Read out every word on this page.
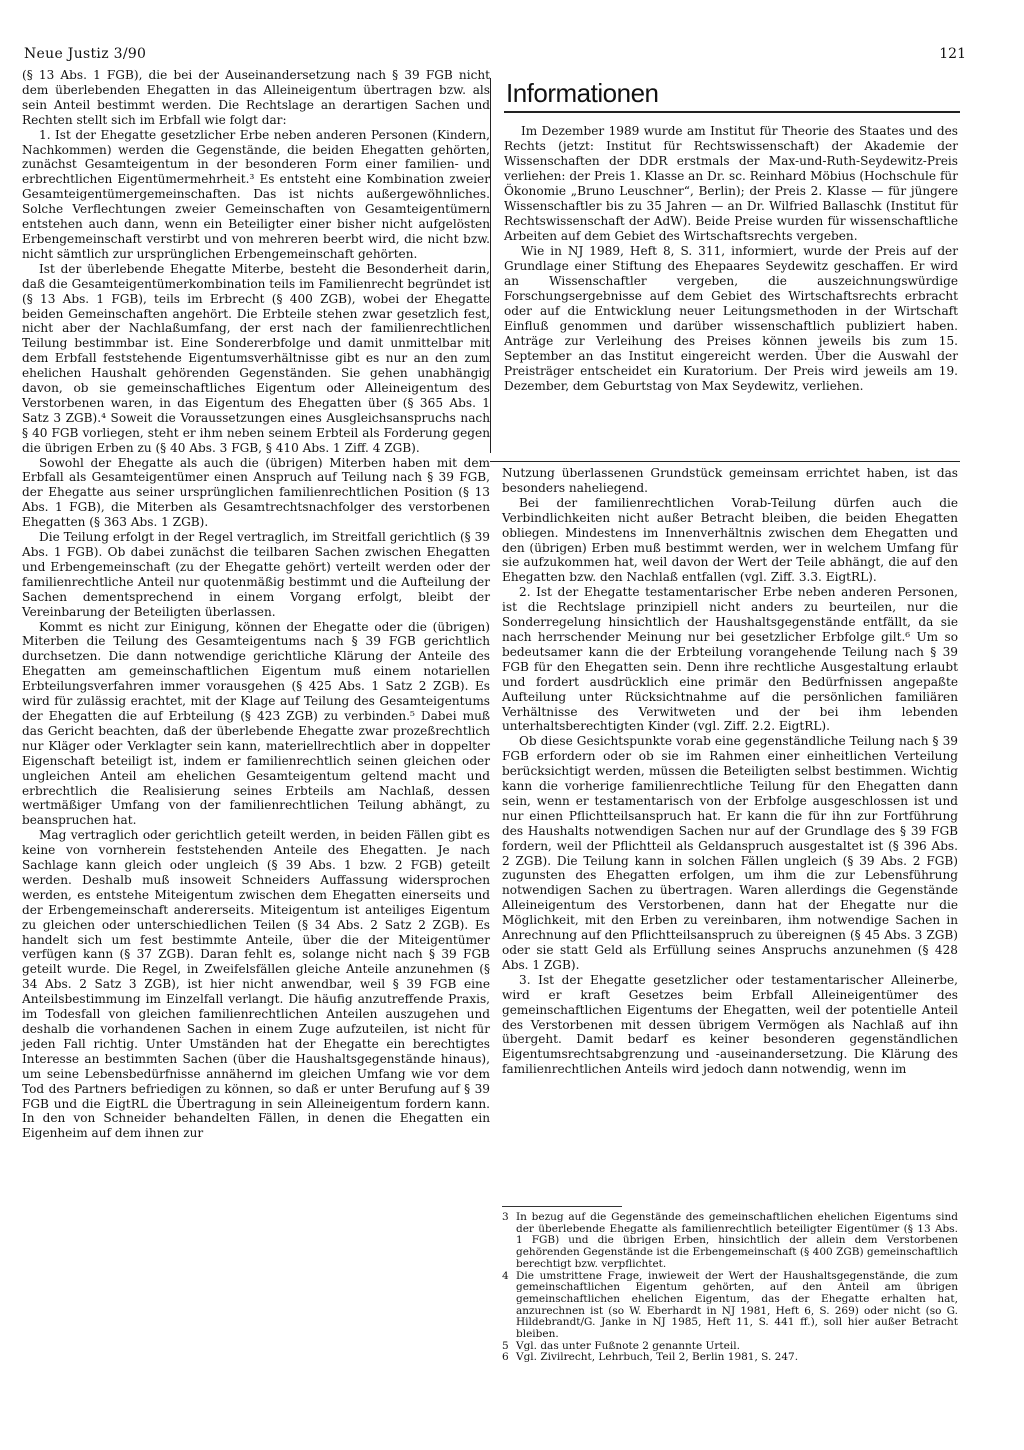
Neue Justiz 3/90	121

(§ 13 Abs. 1 FGB), die bei der Auseinandersetzung nach § 39 FGB nicht dem überlebenden Ehegatten in das Alleineigentum übertragen bzw. als sein Anteil bestimmt werden. Die Rechtslage an derartigen Sachen und Rechten stellt sich im Erbfall wie folgt dar:

1. Ist der Ehegatte gesetzlicher Erbe neben anderen Personen (Kindern, Nachkommen) werden die Gegenstände, die beiden Ehegatten gehörten, zunächst Gesamteigentum in der besonderen Form einer familien- und erbrechtlichen Eigentümermehrheit.³ Es entsteht eine Kombination zweier Gesamteigentümergemeinschaften. Das ist nichts außergewöhnliches. Solche Verflechtungen zweier Gemeinschaften von Gesamteigentümern entstehen auch dann, wenn ein Beteiligter einer bisher nicht aufgelösten Erbengemeinschaft verstirbt und von mehreren beerbt wird, die nicht bzw. nicht sämtlich zur ursprünglichen Erbengemeinschaft gehörten.

Ist der überlebende Ehegatte Miterbe, besteht die Besonderheit darin, daß die Gesamteigentümerkombination teils im Familienrecht begründet ist (§ 13 Abs. 1 FGB), teils im Erbrecht (§ 400 ZGB), wobei der Ehegatte beiden Gemeinschaften angehört. Die Erbteile stehen zwar gesetzlich fest, nicht aber der Nachlaßumfang, der erst nach der familienrechtlichen Teilung bestimmbar ist. Eine Sondererbfolge und damit unmittelbar mit dem Erbfall feststehende Eigentumsverhältnisse gibt es nur an den zum ehelichen Haushalt gehörenden Gegenständen. Sie gehen unabhängig davon, ob sie gemeinschaftliches Eigentum oder Alleineigentum des Verstorbenen waren, in das Eigentum des Ehegatten über (§ 365 Abs. 1 Satz 3 ZGB).⁴ Soweit die Voraussetzungen eines Ausgleichsanspruchs nach § 40 FGB vorliegen, steht er ihm neben seinem Erbteil als Forderung gegen die übrigen Erben zu (§ 40 Abs. 3 FGB, § 410 Abs. 1 Ziff. 4 ZGB).

Sowohl der Ehegatte als auch die (übrigen) Miterben haben mit dem Erbfall als Gesamteigentümer einen Anspruch auf Teilung nach § 39 FGB, der Ehegatte aus seiner ursprünglichen familienrechtlichen Position (§ 13 Abs. 1 FGB), die Miterben als Gesamtrechtsnachfolger des verstorbenen Ehegatten (§ 363 Abs. 1 ZGB).

Die Teilung erfolgt in der Regel vertraglich, im Streitfall gerichtlich (§ 39 Abs. 1 FGB). Ob dabei zunächst die teilbaren Sachen zwischen Ehegatten und Erbengemeinschaft (zu der Ehegatte gehört) verteilt werden oder der familienrechtliche Anteil nur quotenmäßig bestimmt und die Aufteilung der Sachen dementsprechend in einem Vorgang erfolgt, bleibt der Vereinbarung der Beteiligten überlassen.

Kommt es nicht zur Einigung, können der Ehegatte oder die (übrigen) Miterben die Teilung des Gesamteigentums nach § 39 FGB gerichtlich durchsetzen. Die dann notwendige gerichtliche Klärung der Anteile des Ehegatten am gemeinschaftlichen Eigentum muß einem notariellen Erbteilungsverfahren immer vorausgehen (§ 425 Abs. 1 Satz 2 ZGB). Es wird für zulässig erachtet, mit der Klage auf Teilung des Gesamteigentums der Ehegatten die auf Erbteilung (§ 423 ZGB) zu verbinden.⁵ Dabei muß das Gericht beachten, daß der überlebende Ehegatte zwar prozeßrechtlich nur Kläger oder Verklagter sein kann, materiellrechtlich aber in doppelter Eigenschaft beteiligt ist, indem er familienrechtlich seinen gleichen oder ungleichen Anteil am ehelichen Gesamteigentum geltend macht und erbrechtlich die Realisierung seines Erbteils am Nachlaß, dessen wertmäßiger Umfang von der familienrechtlichen Teilung abhängt, zu beanspruchen hat.

Mag vertraglich oder gerichtlich geteilt werden, in beiden Fällen gibt es keine von vornherein feststehenden Anteile des Ehegatten. Je nach Sachlage kann gleich oder ungleich (§ 39 Abs. 1 bzw. 2 FGB) geteilt werden. Deshalb muß insoweit Schneiders Auffassung widersprochen werden, es entstehe Miteigentum zwischen dem Ehegatten einerseits und der Erbengemeinschaft andererseits. Miteigentum ist anteiliges Eigentum zu gleichen oder unterschiedlichen Teilen (§ 34 Abs. 2 Satz 2 ZGB). Es handelt sich um fest bestimmte Anteile, über die der Miteigentümer verfügen kann (§ 37 ZGB). Daran fehlt es, solange nicht nach § 39 FGB geteilt wurde. Die Regel, in Zweifelsfällen gleiche Anteile anzunehmen (§ 34 Abs. 2 Satz 3 ZGB), ist hier nicht anwendbar, weil § 39 FGB eine Anteilsbestimmung im Einzelfall verlangt. Die häufig anzutreffende Praxis, im Todesfall von gleichen familienrechtlichen Anteilen auszugehen und deshalb die vorhandenen Sachen in einem Zuge aufzuteilen, ist nicht für jeden Fall richtig. Unter Umständen hat der Ehegatte ein berechtigtes Interesse an bestimmten Sachen (über die Haushaltsgegenstände hinaus), um seine Lebensbedürfnisse annähernd im gleichen Umfang wie vor dem Tod des Partners befriedigen zu können, so daß er unter Berufung auf § 39 FGB und die EigtRL die Übertragung in sein Alleineigentum fordern kann. In den von Schneider behandelten Fällen, in denen die Ehegatten ein Eigenheim auf dem ihnen zur

Informationen

Im Dezember 1989 wurde am Institut für Theorie des Staates und des Rechts (jetzt: Institut für Rechtswissenschaft) der Akademie der Wissenschaften der DDR erstmals der Max-und-Ruth-Seydewitz-Preis verliehen: der Preis 1. Klasse an Dr. sc. Reinhard Möbius (Hochschule für Ökonomie „Bruno Leuschner“, Berlin); der Preis 2. Klasse — für jüngere Wissenschaftler bis zu 35 Jahren — an Dr. Wilfried Ballaschk (Institut für Rechtswissenschaft der AdW). Beide Preise wurden für wissenschaftliche Arbeiten auf dem Gebiet des Wirtschaftsrechts vergeben.

Wie in NJ 1989, Heft 8, S. 311, informiert, wurde der Preis auf der Grundlage einer Stiftung des Ehepaares Seydewitz geschaffen. Er wird an Wissenschaftler vergeben, die auszeichnungswürdige Forschungsergebnisse auf dem Gebiet des Wirtschaftsrechts erbracht oder auf die Entwicklung neuer Leitungsmethoden in der Wirtschaft Einfluß genommen und darüber wissenschaftlich publiziert haben. Anträge zur Verleihung des Preises können jeweils bis zum 15. September an das Institut eingereicht werden. Über die Auswahl der Preisträger entscheidet ein Kuratorium. Der Preis wird jeweils am 19. Dezember, dem Geburtstag von Max Seydewitz, verliehen.

Nutzung überlassenen Grundstück gemeinsam errichtet haben, ist das besonders naheliegend.

Bei der familienrechtlichen Vorab-Teilung dürfen auch die Verbindlichkeiten nicht außer Betracht bleiben, die beiden Ehegatten obliegen. Mindestens im Innenverhältnis zwischen dem Ehegatten und den (übrigen) Erben muß bestimmt werden, wer in welchem Umfang für sie aufzukommen hat, weil davon der Wert der Teile abhängt, die auf den Ehegatten bzw. den Nachlaß entfallen (vgl. Ziff. 3.3. EigtRL).

2. Ist der Ehegatte testamentarischer Erbe neben anderen Personen, ist die Rechtslage prinzipiell nicht anders zu beurteilen, nur die Sonderregelung hinsichtlich der Haushaltsgegenstände entfällt, da sie nach herrschender Meinung nur bei gesetzlicher Erbfolge gilt.⁶ Um so bedeutsamer kann die der Erbteilung vorangehende Teilung nach § 39 FGB für den Ehegatten sein. Denn ihre rechtliche Ausgestaltung erlaubt und fordert ausdrücklich eine primär den Bedürfnissen angepaßte Aufteilung unter Rücksichtnahme auf die persönlichen familiären Verhältnisse des Verwitweten und der bei ihm lebenden unterhaltsberechtigten Kinder (vgl. Ziff. 2.2. EigtRL).

Ob diese Gesichtspunkte vorab eine gegenständliche Teilung nach § 39 FGB erfordern oder ob sie im Rahmen einer einheitlichen Verteilung berücksichtigt werden, müssen die Beteiligten selbst bestimmen. Wichtig kann die vorherige familienrechtliche Teilung für den Ehegatten dann sein, wenn er testamentarisch von der Erbfolge ausgeschlossen ist und nur einen Pflichtteilsanspruch hat. Er kann die für ihn zur Fortführung des Haushalts notwendigen Sachen nur auf der Grundlage des § 39 FGB fordern, weil der Pflichtteil als Geldanspruch ausgestaltet ist (§ 396 Abs. 2 ZGB). Die Teilung kann in solchen Fällen ungleich (§ 39 Abs. 2 FGB) zugunsten des Ehegatten erfolgen, um ihm die zur Lebensführung notwendigen Sachen zu übertragen. Waren allerdings die Gegenstände Alleineigentum des Verstorbenen, dann hat der Ehegatte nur die Möglichkeit, mit den Erben zu vereinbaren, ihm notwendige Sachen in Anrechnung auf den Pflichtteilsanspruch zu übereignen (§ 45 Abs. 3 ZGB) oder sie statt Geld als Erfüllung seines Anspruchs anzunehmen (§ 428 Abs. 1 ZGB).

3. Ist der Ehegatte gesetzlicher oder testamentarischer Alleinerbe, wird er kraft Gesetzes beim Erbfall Alleineigentümer des gemeinschaftlichen Eigentums der Ehegatten, weil der potentielle Anteil des Verstorbenen mit dessen übrigem Vermögen als Nachlaß auf ihn übergeht. Damit bedarf es keiner besonderen gegenständlichen Eigentumsrechtsabgrenzung und -auseinandersetzung. Die Klärung des familienrechtlichen Anteils wird jedoch dann notwendig, wenn im

3 In bezug auf die Gegenstände des gemeinschaftlichen ehelichen Eigentums sind der überlebende Ehegatte als familienrechtlich beteiligter Eigentümer (§ 13 Abs. 1 FGB) und die übrigen Erben, hinsichtlich der allein dem Verstorbenen gehörenden Gegenstände ist die Erbengemeinschaft (§ 400 ZGB) gemeinschaftlich berechtigt bzw. verpflichtet.
4 Die umstrittene Frage, inwieweit der Wert der Haushaltsgegenstände, die zum gemeinschaftlichen Eigentum gehörten, auf den Anteil am übrigen gemeinschaftlichen ehelichen Eigentum, das der Ehegatte erhalten hat, anzurechnen ist (so W. Eberhardt in NJ 1981, Heft 6, S. 269) oder nicht (so G. Hildebrandt/G. Janke in NJ 1985, Heft 11, S. 441 ff.), soll hier außer Betracht bleiben.
5 Vgl. das unter Fußnote 2 genannte Urteil.
6 Vgl. Zivilrecht, Lehrbuch, Teil 2, Berlin 1981, S. 247.
